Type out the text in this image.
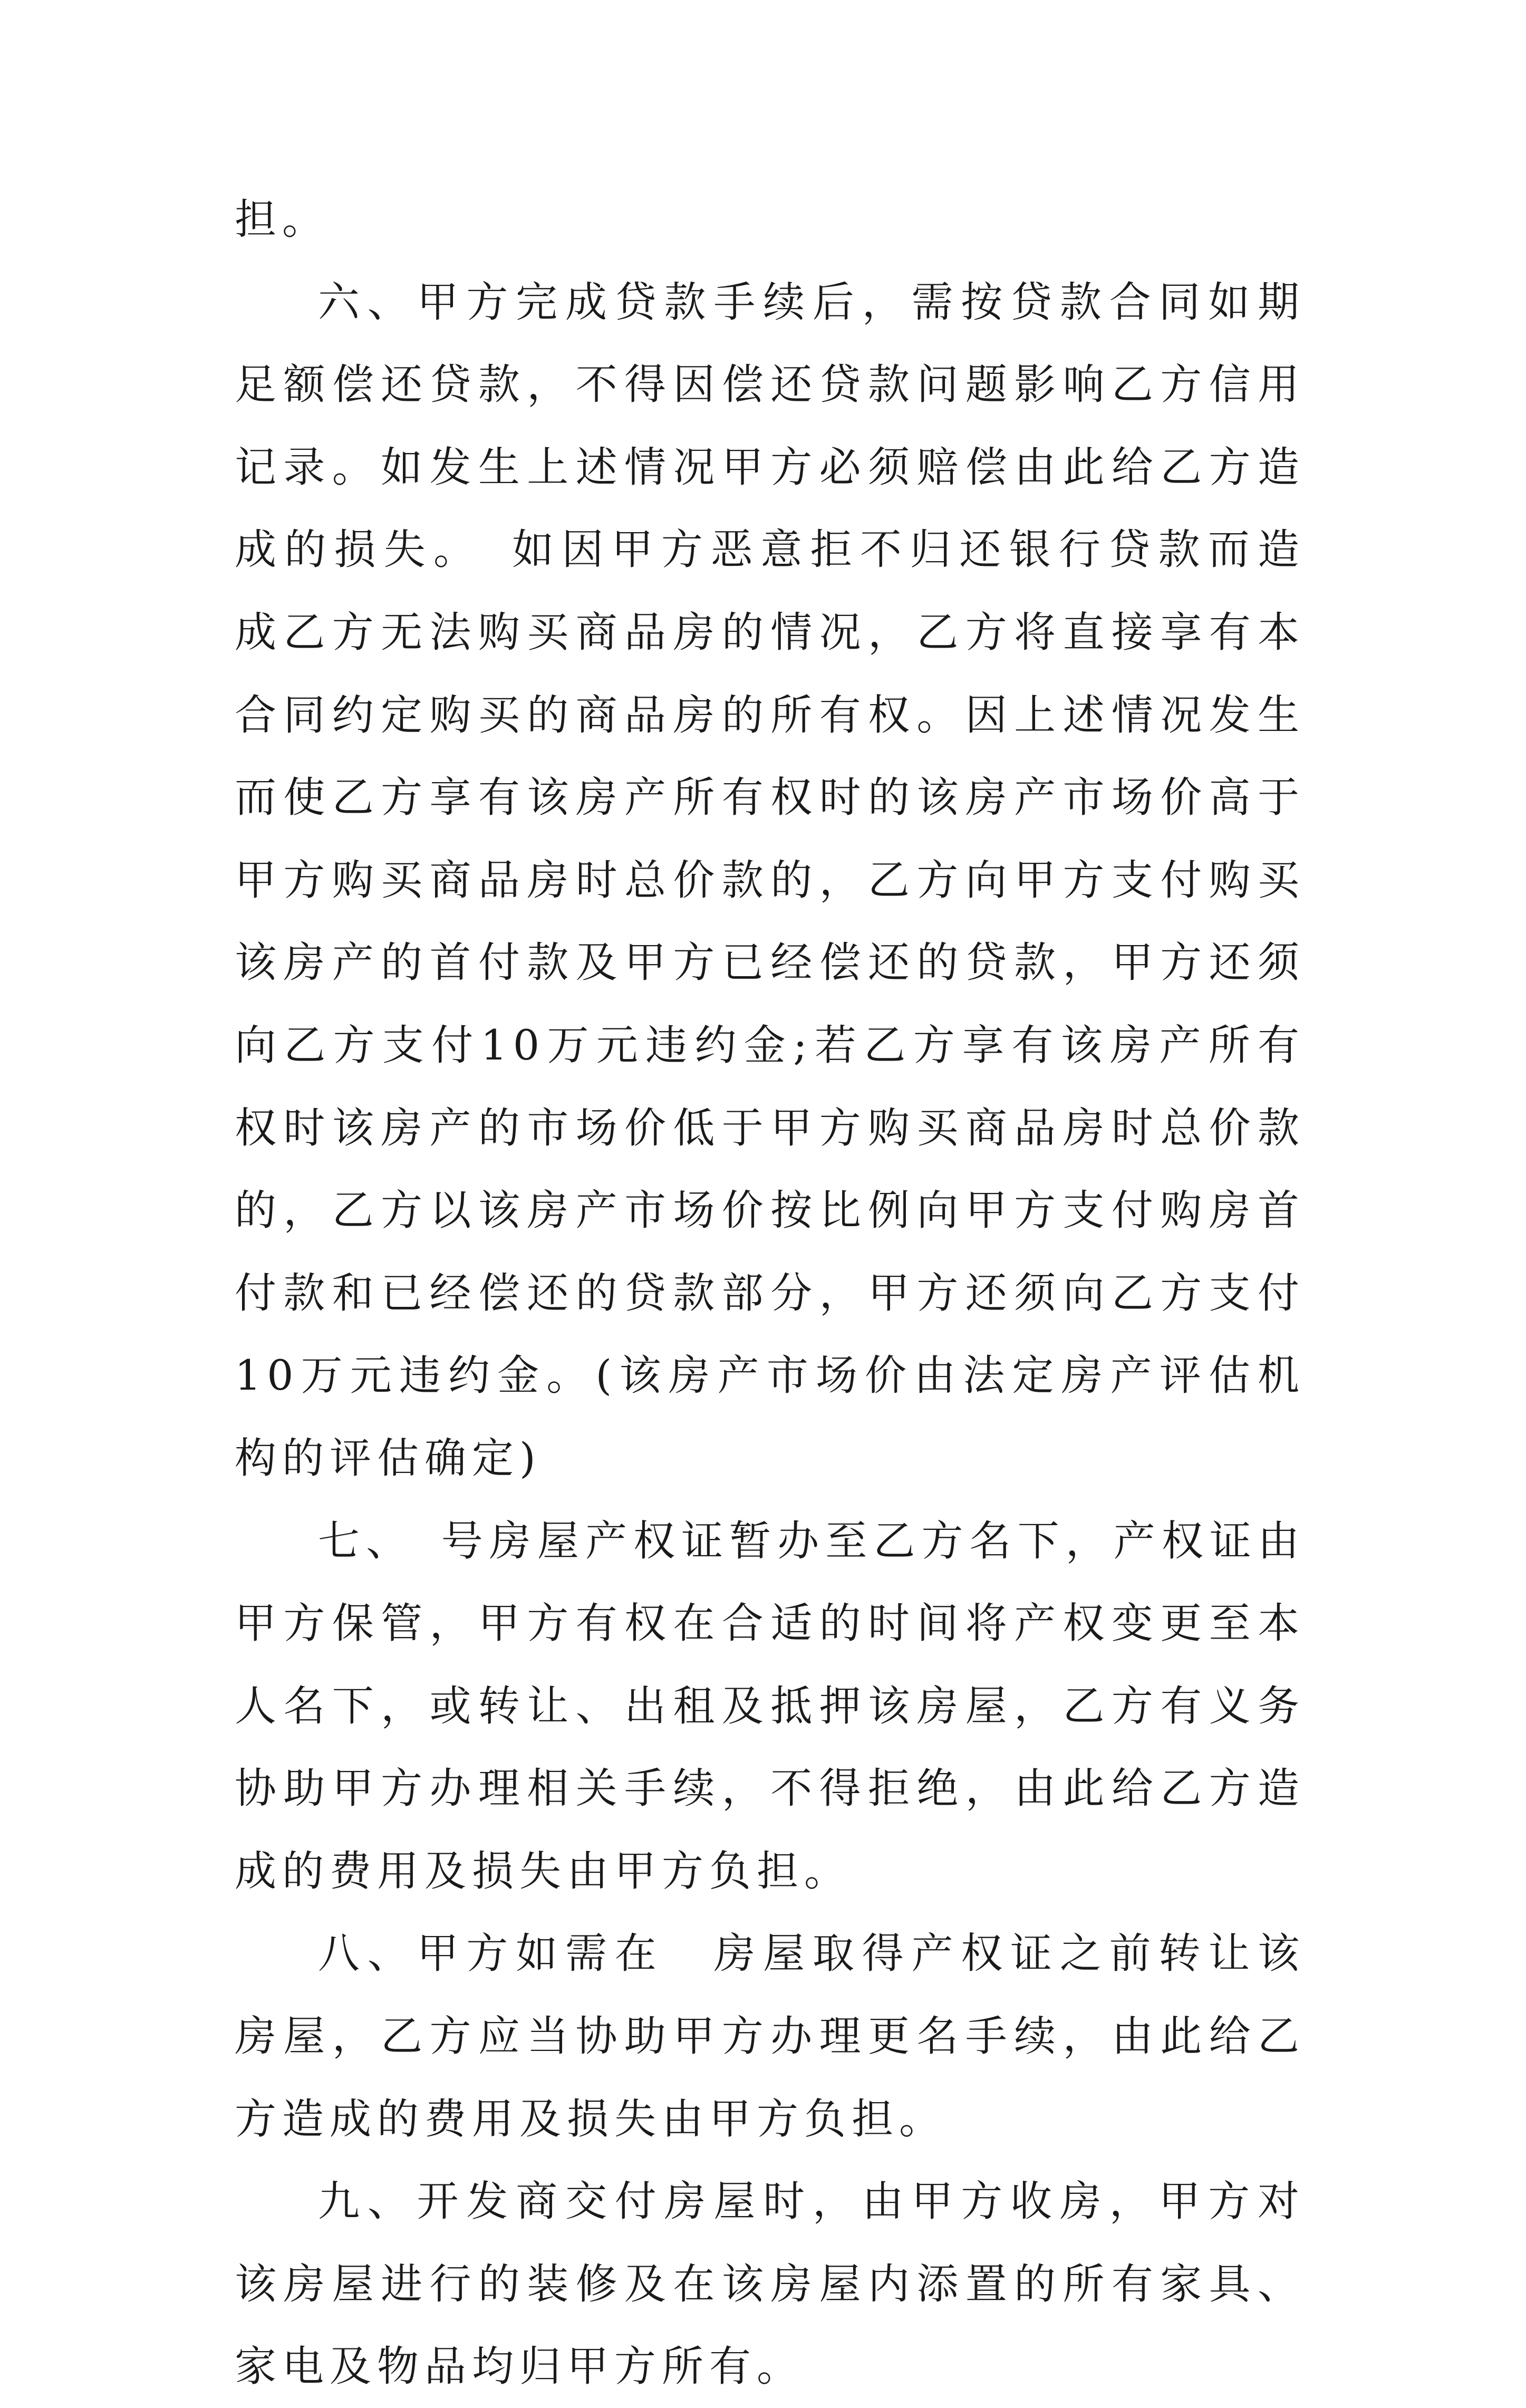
担。

六、甲方完成贷款手续后，需按贷款合同如期足额偿还贷款，不得因偿还贷款问题影响乙方信用记录。如发生上述情况甲方必须赔偿由此给乙方造成的损失。　如因甲方恶意拒不归还银行贷款而造成乙方无法购买商品房的情况，乙方将直接享有本合同约定购买的商品房的所有权。因上述情况发生而使乙方享有该房产所有权时的该房产市场价高于甲方购买商品房时总价款的，乙方向甲方支付购买该房产的首付款及甲方已经偿还的贷款，甲方还须向乙方支付10万元违约金;若乙方享有该房产所有权时该房产的市场价低于甲方购买商品房时总价款的，乙方以该房产市场价按比例向甲方支付购房首付款和已经偿还的贷款部分，甲方还须向乙方支付10万元违约金。(该房产市场价由法定房产评估机构的评估确定)

七、　号房屋产权证暂办至乙方名下，产权证由甲方保管，甲方有权在合适的时间将产权变更至本人名下，或转让、出租及抵押该房屋，乙方有义务协助甲方办理相关手续，不得拒绝，由此给乙方造成的费用及损失由甲方负担。

八、甲方如需在　房屋取得产权证之前转让该房屋，乙方应当协助甲方办理更名手续，由此给乙方造成的费用及损失由甲方负担。

九、开发商交付房屋时，由甲方收房，甲方对该房屋进行的装修及在该房屋内添置的所有家具、家电及物品均归甲方所有。
